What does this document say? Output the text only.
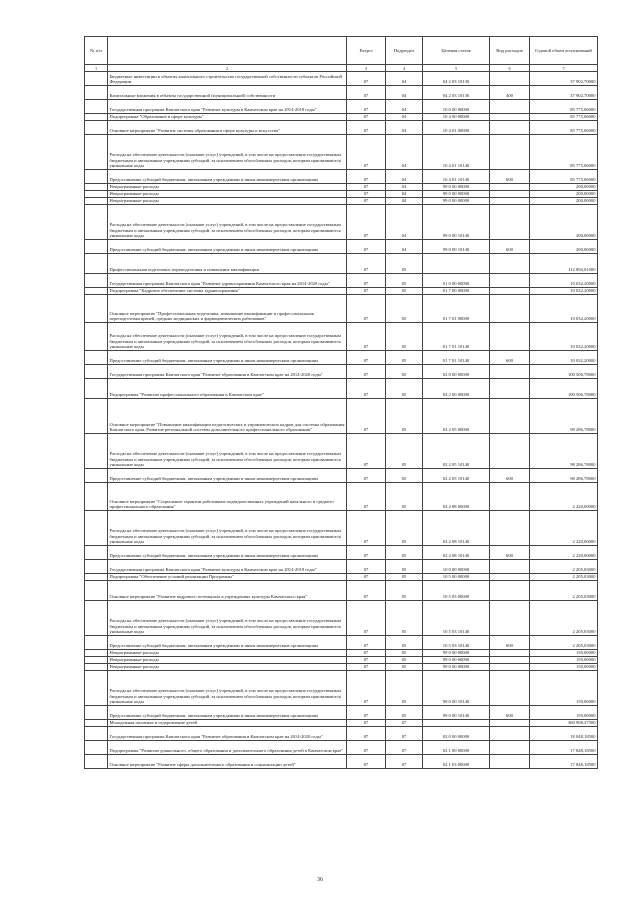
№ п/п		Раздел	Подраздел	Целевая статья	Вид расходов	Годовой объем ассигнований
1	2	3	4	5	6	7
	Бюджетные инвестиции в объекты капитального строительства государственной собственности субъектов Российской Федерации	07	04	04 2 03 10130		37 902,70000
	Капитальные вложения в объекты государственной (муниципальной) собственности	07	04	04 2 03 10130	400	37 902,70000
	Государственная программа Камчатского края "Развитие культуры в Камчатском крае на 2014-2018 годы"	07	04	10 0 00 00000		85 775,06000
	Подпрограмма "Образование в сфере культуры"	07	04	10 4 00 00000		85 775,06000
	Основное мероприятие "Развитие системы образования в сфере культуры и искусства"	07	04	10 4 01 00000		85 775,06000
	Расходы на обеспечение деятельности (оказание услуг) учреждений, в том числе на предоставление государственным бюджетным и автономным учреждениям субсидий, за исключением обособленных расходов, которым присваиваются уникальные коды	07	04	10 4 01 10140		85 775,06000
	Предоставление субсидий бюджетным, автономным учреждениям и иным некоммерческим организациям	07	04	10 4 01 10140	600	85 775,06000
	Непрограммные расходы	07	04	99 0 00 00000		200,00000
	Непрограммные расходы	07	04	99 0 00 00000		200,00000
	Непрограммные расходы	07	04	99 0 00 00000		200,00000
	Расходы на обеспечение деятельности (оказание услуг) учреждений, в том числе на предоставление государственным бюджетным и автономным учреждениям субсидий, за исключением обособленных расходов, которым присваиваются уникальные коды	07	04	99 0 00 10140		200,00000
	Предоставление субсидий бюджетным, автономным учреждениям и иным некоммерческим организациям	07	04	99 0 00 10140	600	200,00000
	Профессиональная подготовка, переподготовка и повышение квалификации	07	05			112 894,01000
	Государственная программа Камчатского края "Развитие здравоохранения Камчатского края на 2014-2020 годы"	07	05	01 0 00 00000		10 032,20000
	Подпрограмма "Кадровое обеспечение системы здравоохранения"	07	05	01 7 00 00000		10 032,20000
	Основное мероприятие "Профессиональная подготовка, повышение квалификации и профессиональная переподготовка врачей, средних медицинских и фармацевтических работников"	07	05	01 7 01 00000		10 032,20000
	Расходы на обеспечение деятельности (оказание услуг) учреждений, в том числе на предоставление государственным бюджетным и автономным учреждениям субсидий, за исключением обособленных расходов, которым присваиваются уникальные коды	07	05	01 7 01 10140		10 032,20000
	Предоставление субсидий бюджетным, автономным учреждениям и иным некоммерческим организациям	07	05	01 7 01 10140	600	10 032,20000
	Государственная программа Камчатского края "Развитие образования в Камчатском крае на 2014-2020 годы"	07	05	02 0 00 00000		100 506,78000
	Подпрограмма "Развитие профессионального образования в Камчатском крае"	07	05	02 2 00 00000		100 506,78000
	Основное мероприятие "Повышение квалификации педагогических и управленческих кадров для системы образования Камчатского края. Развитие региональной системы дополнительного профессионального образования"	07	05	02 2 05 00000		98 286,78000
	Расходы на обеспечение деятельности (оказание услуг) учреждений, в том числе на предоставление государственным бюджетным и автономным учреждениям субсидий, за исключением обособленных расходов, которым присваиваются уникальные коды	07	05	02 2 05 10140		98 286,78000
	Предоставление субсидий бюджетным, автономным учреждениям и иным некоммерческим организациям	07	05	02 2 05 10140	600	98 286,78000
	Основное мероприятие "Социальные гарантии работникам подведомственных учреждений начального и среднего профессионального образования"	07	05	02 2 08 00000		2 220,00000
	Расходы на обеспечение деятельности (оказание услуг) учреждений, в том числе на предоставление государственным бюджетным и автономным учреждениям субсидий, за исключением обособленных расходов, которым присваиваются уникальные коды	07	05	02 2 08 10140		2 220,00000
	Предоставление субсидий бюджетным, автономным учреждениям и иным некоммерческим организациям	07	05	02 2 08 10140	600	2 220,00000
	Государственная программа Камчатского края "Развитие культуры в Камчатском крае на 2014-2018 годы"	07	05	10 0 00 00000		2 205,03000
	Подпрограмма "Обеспечение условий реализации Программы"	07	05	10 5 00 00000		2 205,03000
	Основное мероприятие "Развитие кадрового потенциала в учреждениях культуры Камчатского края"	07	05	10 5 03 00000		2 205,03000
	Расходы на обеспечение деятельности (оказание услуг) учреждений, в том числе на предоставление государственным бюджетным и автономным учреждениям субсидий, за исключением обособленных расходов, которым присваиваются уникальные коды	07	05	10 5 03 10140		2 205,03000
	Предоставление субсидий бюджетным, автономным учреждениям и иным некоммерческим организациям	07	05	10 5 03 10140	600	2 205,03000
	Непрограммные расходы	07	05	99 0 00 00000		150,00000
	Непрограммные расходы	07	05	99 0 00 00000		150,00000
	Непрограммные расходы	07	05	99 0 00 00000		150,00000
	Расходы на обеспечение деятельности (оказание услуг) учреждений, в том числе на предоставление государственным бюджетным и автономным учреждениям субсидий, за исключением обособленных расходов, которым присваиваются уникальные коды	07	05	99 0 00 10140		150,00000
	Предоставление субсидий бюджетным, автономным учреждениям и иным некоммерческим организациям	07	05	99 0 00 10140	600	150,00000
	Молодежная политика и оздоровление детей	07	07			360 908,37500
	Государственная программа Камчатского края "Развитие образования в Камчатском крае на 2014-2020 годы"	07	07	02 0 00 00000		18 048,18500
	Подпрограмма "Развитие дошкольного, общего образования и дополнительного образования детей в Камчатском крае"	07	07	02 1 00 00000		17 848,18500
	Основное мероприятие "Развитие сферы дополнительного образования и социализации детей"	07	07	02 1 03 00000		17 848,18500
36
